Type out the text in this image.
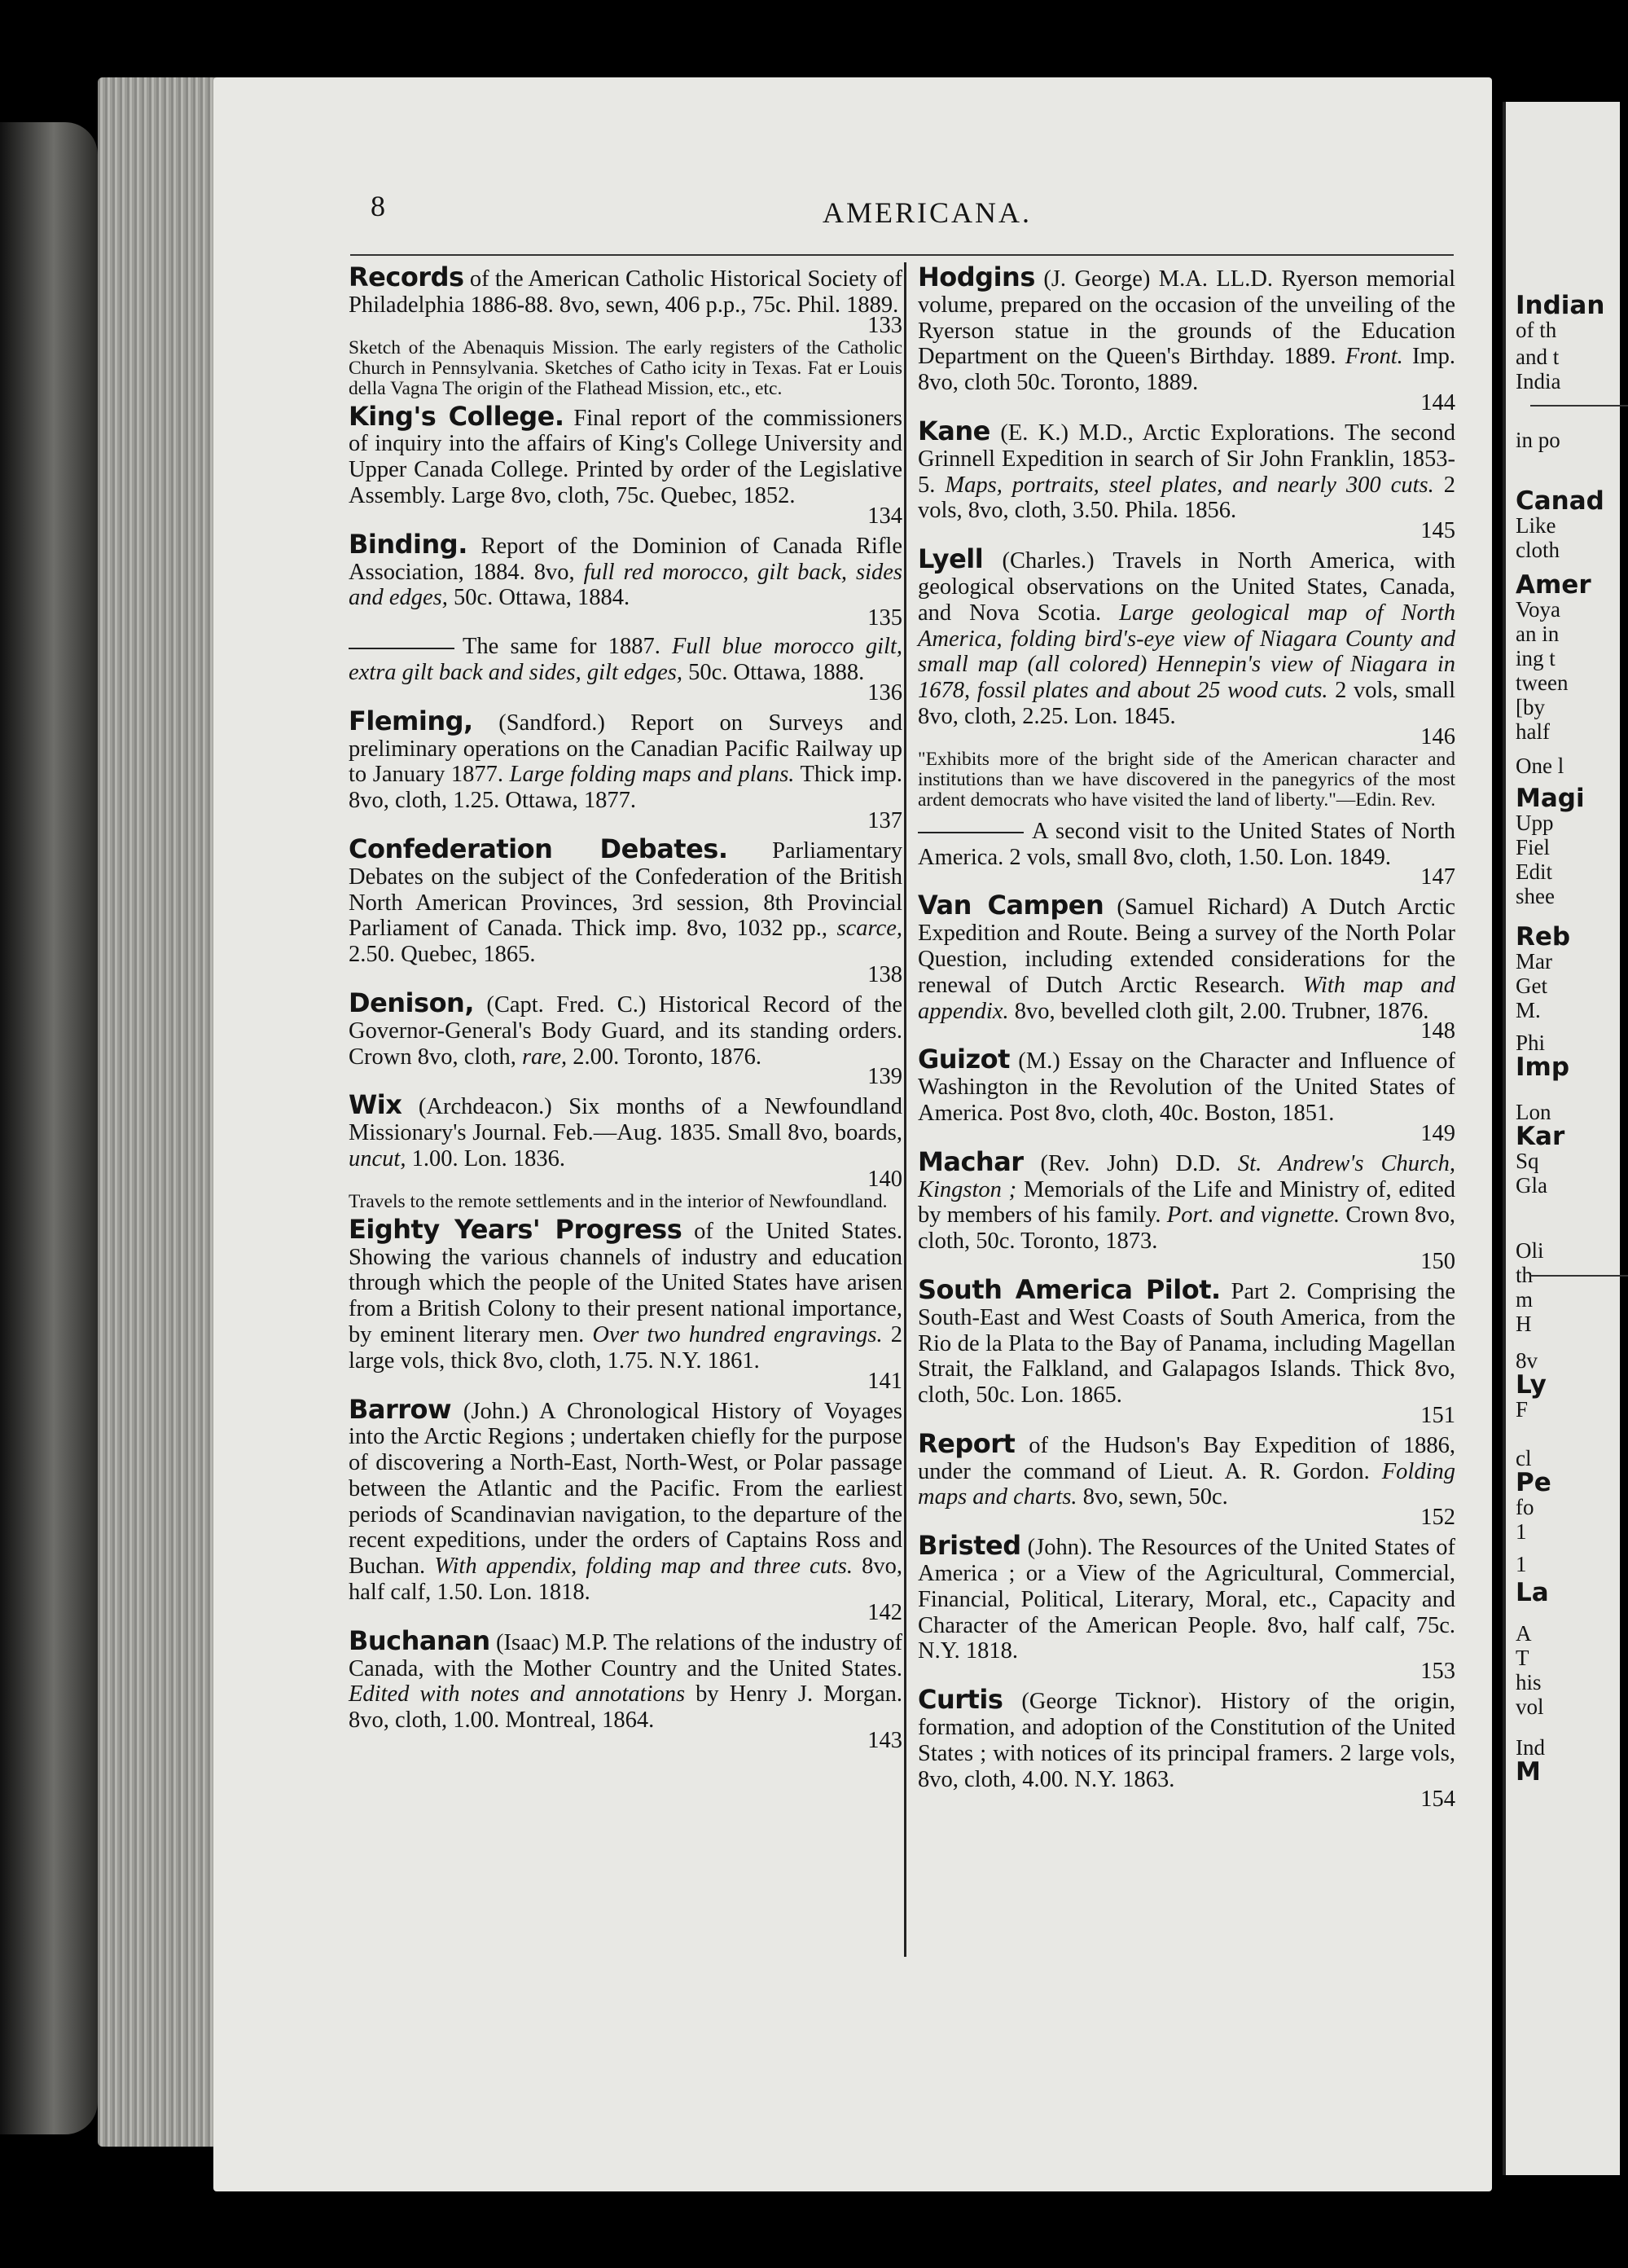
Indian
of th
and t
India
in po
Canad
Like
cloth
Amer
Voya
an in
ing t
tween
[by
half
One l
Magi
Upp
Fiel
Edit
shee
Reb
Mar
Get
M.
Phi
Imp
Lon
Kar
Sq
Gla
Oli
th
m
H
8v
Ly
F
cl
Pe
fo
1
1
La
A
T
his
vol
Ind
M
8	AMERICANA.

Records of the American Catholic Historical Society of Philadelphia 1886-88. 8vo, sewn, 406 p.p., 75c. Phil. 1889.
133

Sketch of the Abenaquis Mission. The early registers of the Catholic Church in Pennsylvania. Sketches of Catho icity in Texas. Fat er Louis della Vagna The origin of the Flathead Mission, etc., etc.

King's College. Final report of the commissioners of inquiry into the affairs of King's College University and Upper Canada College. Printed by order of the Legislative Assembly. Large 8vo, cloth, 75c. Quebec, 1852.
134

Binding. Report of the Dominion of Canada Rifle Association, 1884. 8vo, full red morocco, gilt back, sides and edges, 50c. Ottawa, 1884.
135

The same for 1887. Full blue morocco gilt, extra gilt back and sides, gilt edges, 50c. Ottawa, 1888.
136

Fleming, (Sandford.) Report on Surveys and preliminary operations on the Canadian Pacific Railway up to January 1877. Large folding maps and plans. Thick imp. 8vo, cloth, 1.25. Ottawa, 1877.
137

Confederation Debates. Parliamentary Debates on the subject of the Confederation of the British North American Provinces, 3rd session, 8th Provincial Parliament of Canada. Thick imp. 8vo, 1032 pp., scarce, 2.50. Quebec, 1865.
138

Denison, (Capt. Fred. C.) Historical Record of the Governor-General's Body Guard, and its standing orders. Crown 8vo, cloth, rare, 2.00. Toronto, 1876.
139

Wix (Archdeacon.) Six months of a Newfoundland Missionary's Journal. Feb.—Aug. 1835. Small 8vo, boards, uncut, 1.00. Lon. 1836.
140

Travels to the remote settlements and in the interior of Newfoundland.

Eighty Years' Progress of the United States. Showing the various channels of industry and education through which the people of the United States have arisen from a British Colony to their present national importance, by eminent literary men. Over two hundred engravings. 2 large vols, thick 8vo, cloth, 1.75. N.Y. 1861.
141

Barrow (John.) A Chronological History of Voyages into the Arctic Regions ; undertaken chiefly for the purpose of discovering a North-East, North-West, or Polar passage between the Atlantic and the Pacific. From the earliest periods of Scandinavian navigation, to the departure of the recent expeditions, under the orders of Captains Ross and Buchan. With appendix, folding map and three cuts. 8vo, half calf, 1.50. Lon. 1818.
142

Buchanan (Isaac) M.P. The relations of the industry of Canada, with the Mother Country and the United States. Edited with notes and annotations by Henry J. Morgan. 8vo, cloth, 1.00. Montreal, 1864.
143

Hodgins (J. George) M.A. LL.D. Ryerson memorial volume, prepared on the occasion of the unveiling of the Ryerson statue in the grounds of the Education Department on the Queen's Birthday. 1889. Front. Imp. 8vo, cloth 50c. Toronto, 1889.
144

Kane (E. K.) M.D., Arctic Explorations. The second Grinnell Expedition in search of Sir John Franklin, 1853-5. Maps, portraits, steel plates, and nearly 300 cuts. 2 vols, 8vo, cloth, 3.50. Phila. 1856.
145

Lyell (Charles.) Travels in North America, with geological observations on the United States, Canada, and Nova Scotia. Large geological map of North America, folding bird's-eye view of Niagara County and small map (all colored) Hennepin's view of Niagara in 1678, fossil plates and about 25 wood cuts. 2 vols, small 8vo, cloth, 2.25. Lon. 1845.
146

"Exhibits more of the bright side of the American character and institutions than we have discovered in the panegyrics of the most ardent democrats who have visited the land of liberty."—Edin. Rev.

A second visit to the United States of North America. 2 vols, small 8vo, cloth, 1.50. Lon. 1849.
147

Van Campen (Samuel Richard) A Dutch Arctic Expedition and Route. Being a survey of the North Polar Question, including extended considerations for the renewal of Dutch Arctic Research. With map and appendix. 8vo, bevelled cloth gilt, 2.00. Trubner, 1876.
148

Guizot (M.) Essay on the Character and Influence of Washington in the Revolution of the United States of America. Post 8vo, cloth, 40c. Boston, 1851.
149

Machar (Rev. John) D.D. St. Andrew's Church, Kingston ; Memorials of the Life and Ministry of, edited by members of his family. Port. and vignette. Crown 8vo, cloth, 50c. Toronto, 1873.
150

South America Pilot. Part 2. Comprising the South-East and West Coasts of South America, from the Rio de la Plata to the Bay of Panama, including Magellan Strait, the Falkland, and Galapagos Islands. Thick 8vo, cloth, 50c. Lon. 1865.
151

Report of the Hudson's Bay Expedition of 1886, under the command of Lieut. A. R. Gordon. Folding maps and charts. 8vo, sewn, 50c.
152

Bristed (John). The Resources of the United States of America ; or a View of the Agricultural, Commercial, Financial, Political, Literary, Moral, etc., Capacity and Character of the American People. 8vo, half calf, 75c. N.Y. 1818.
153

Curtis (George Ticknor). History of the origin, formation, and adoption of the Constitution of the United States ; with notices of its principal framers. 2 large vols, 8vo, cloth, 4.00. N.Y. 1863.
154
